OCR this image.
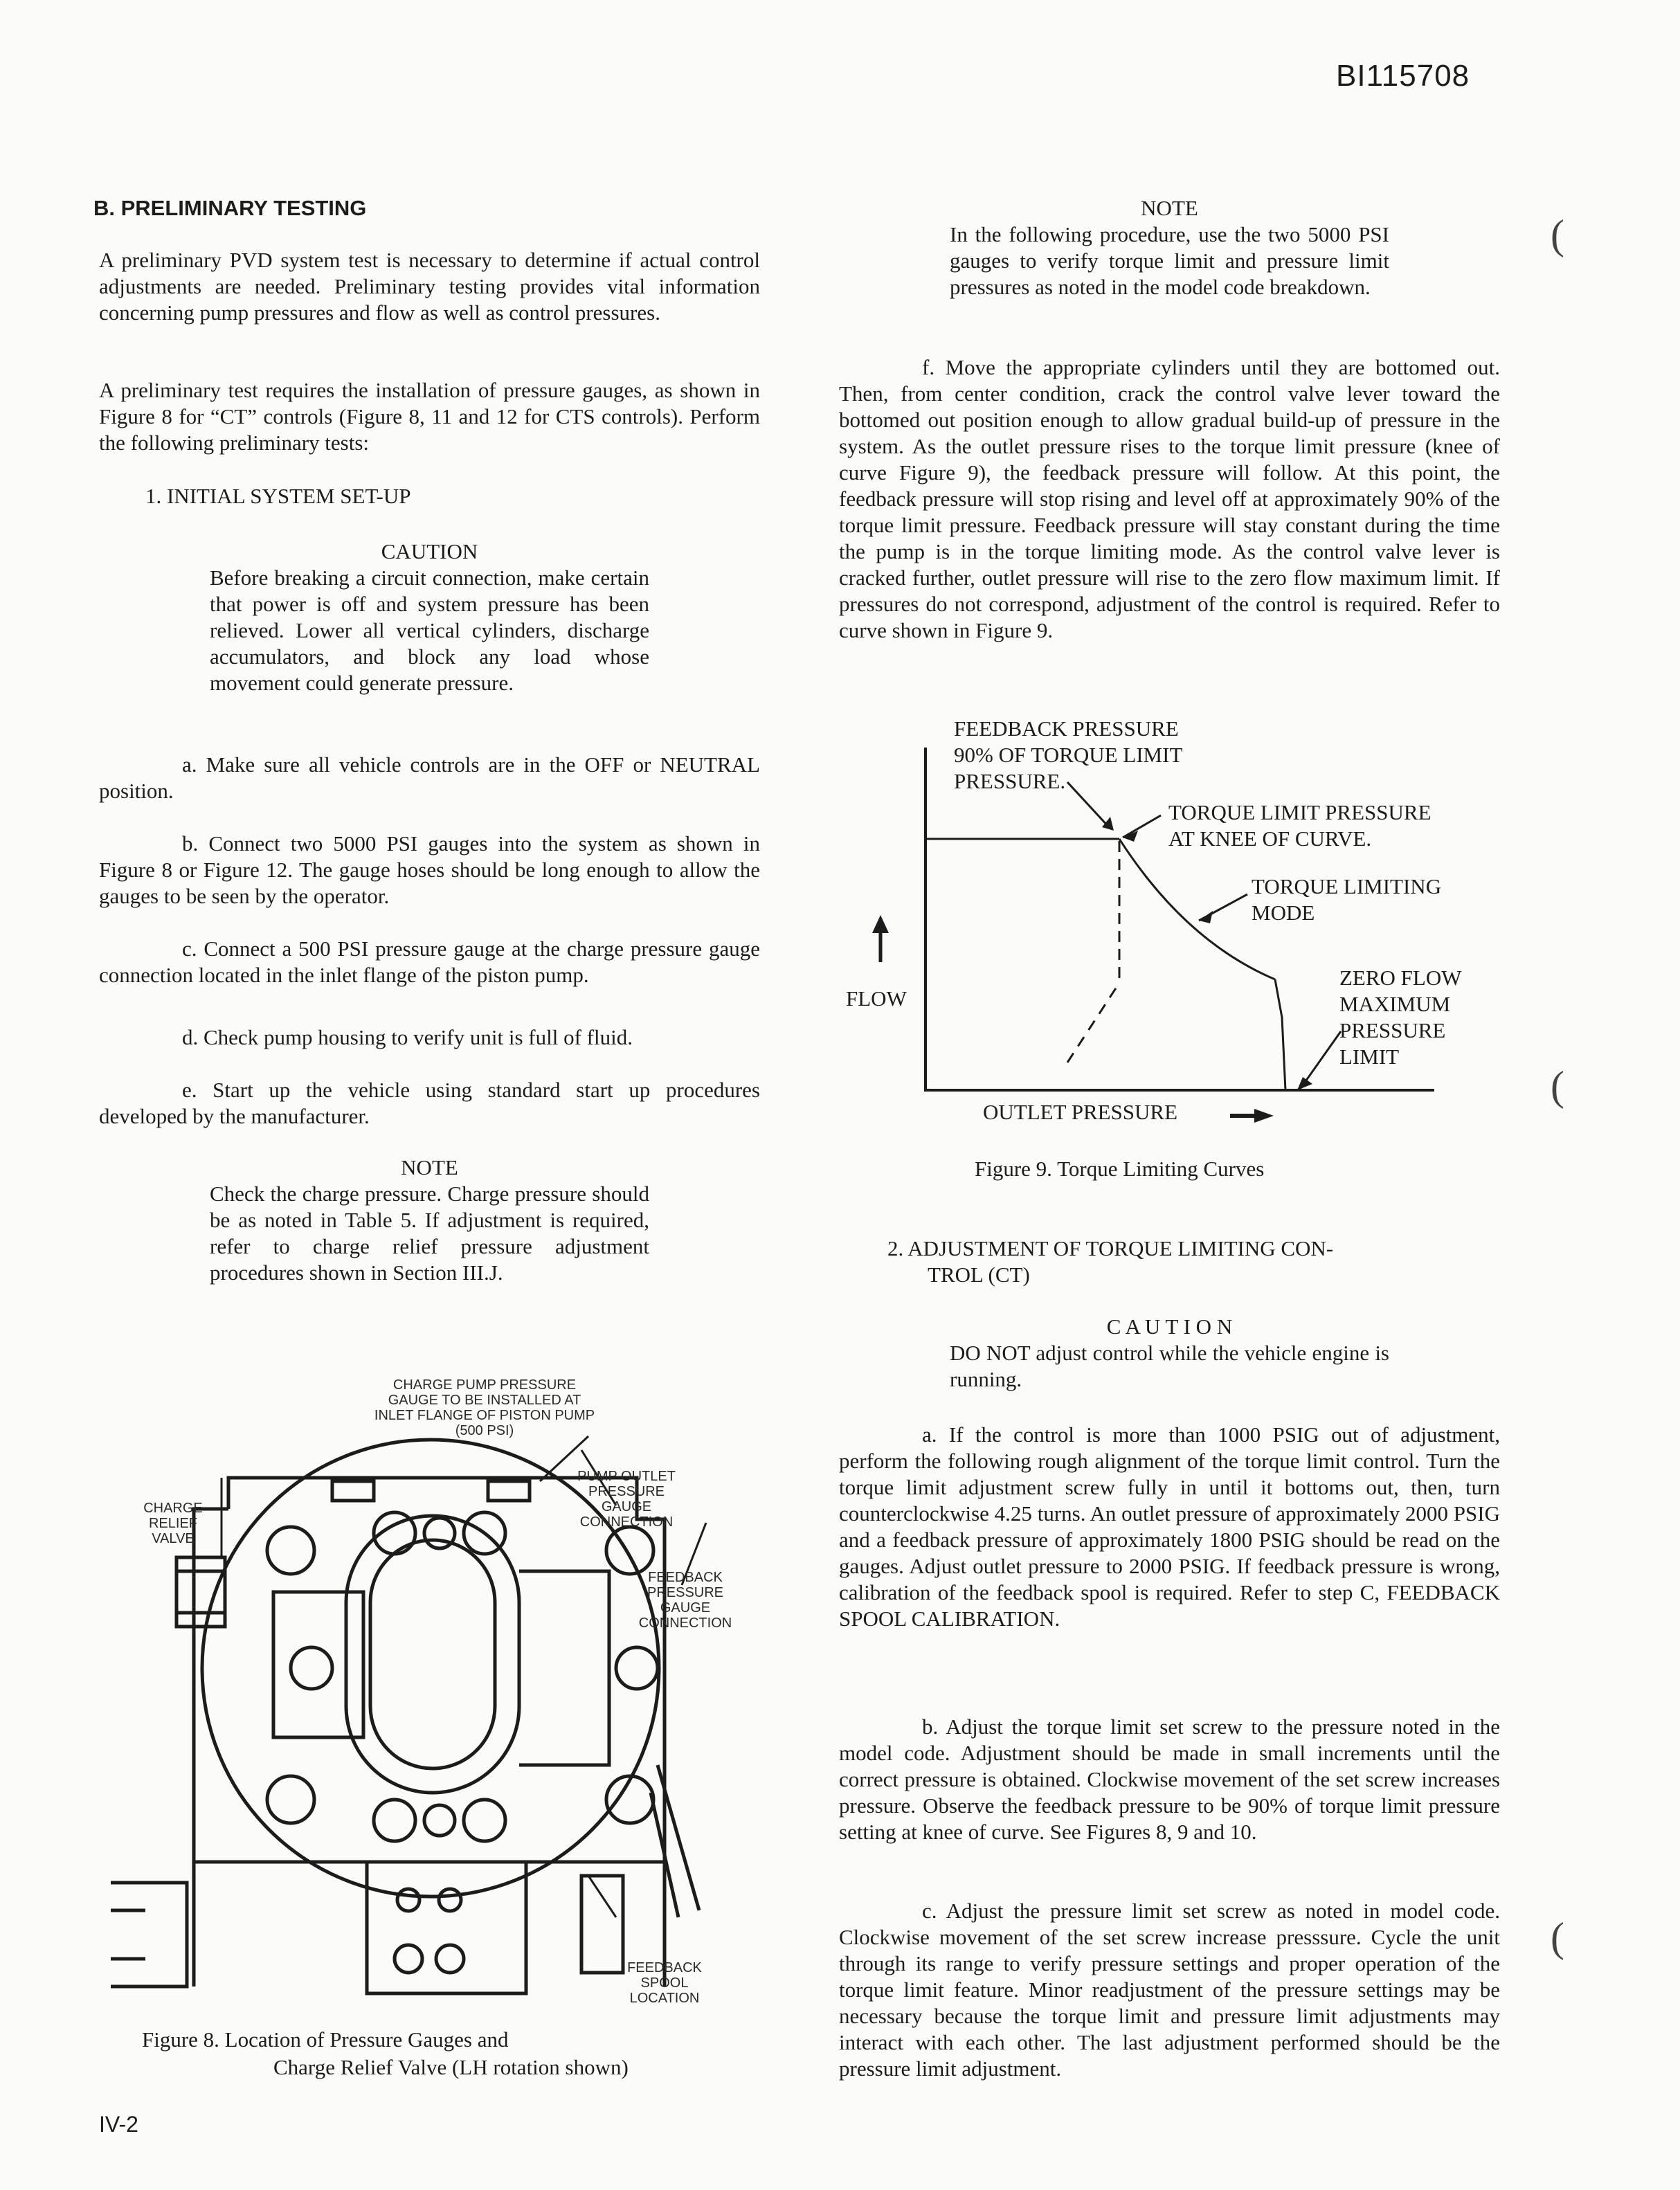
BI115708
B. PRELIMINARY TESTING
A preliminary PVD system test is necessary to determine if actual control adjustments are needed. Preliminary testing provides vital information concerning pump pressures and flow as well as control pressures.
A preliminary test requires the installation of pressure gauges, as shown in Figure 8 for “CT” controls (Figure 8, 11 and 12 for CTS controls). Perform the following preliminary tests:
1. INITIAL SYSTEM SET-UP
CAUTION
Before breaking a circuit connection, make certain that power is off and system pressure has been relieved. Lower all vertical cylinders, discharge accumulators, and block any load whose movement could generate pressure.
a. Make sure all vehicle controls are in the OFF or NEUTRAL position.
b. Connect two 5000 PSI gauges into the system as shown in Figure 8 or Figure 12. The gauge hoses should be long enough to allow the gauges to be seen by the operator.
c. Connect a 500 PSI pressure gauge at the charge pressure gauge connection located in the inlet flange of the piston pump.
d. Check pump housing to verify unit is full of fluid.
e. Start up the vehicle using standard start up procedures developed by the manufacturer.
NOTE
Check the charge pressure. Charge pressure should be as noted in Table 5. If adjustment is required, refer to charge relief pressure adjustment procedures shown in Section III.J.
CHARGE PUMP PRESSURE
GAUGE TO BE INSTALLED AT
INLET FLANGE OF PISTON PUMP
(500 PSI)
PUMP OUTLET
PRESSURE
GAUGE
CONNECTION
CHARGE
RELIEF
VALVE
FEEDBACK
PRESSURE
GAUGE
CONNECTION
FEEDBACK
SPOOL
LOCATION
Figure 8. Location of Pressure Gauges and
Charge Relief Valve (LH rotation shown)
IV-2
NOTE
In the following procedure, use the two 5000 PSI gauges to verify torque limit and pressure limit pressures as noted in the model code breakdown.
f. Move the appropriate cylinders until they are bottomed out. Then, from center condition, crack the control valve lever toward the bottomed out position enough to allow gradual build-up of pressure in the system. As the outlet pressure rises to the torque limit pressure (knee of curve Figure 9), the feedback pressure will follow. At this point, the feedback pressure will stop rising and level off at approximately 90% of the torque limit pressure. Feedback pressure will stay constant during the time the pump is in the torque limiting mode. As the control valve lever is cracked further, outlet pressure will rise to the zero flow maximum limit. If pressures do not correspond, adjustment of the control is required. Refer to curve shown in Figure 9.
FEEDBACK PRESSURE
90% OF TORQUE LIMIT
PRESSURE.
TORQUE LIMIT PRESSURE
AT KNEE OF CURVE.
TORQUE LIMITING
MODE
ZERO FLOW
MAXIMUM
PRESSURE
LIMIT
FLOW
OUTLET PRESSURE
Figure 9. Torque Limiting Curves
2. ADJUSTMENT OF TORQUE LIMITING CON-
TROL (CT)
C A U T I O N
DO NOT adjust control while the vehicle engine is running.
a. If the control is more than 1000 PSIG out of adjustment, perform the following rough alignment of the torque limit control. Turn the torque limit adjustment screw fully in until it bottoms out, then, turn counterclockwise 4.25 turns. An outlet pressure of approximately 2000 PSIG and a feedback pressure of approximately 1800 PSIG should be read on the gauges. Adjust outlet pressure to 2000 PSIG. If feedback pressure is wrong, calibration of the feedback spool is required. Refer to step C, FEEDBACK SPOOL CALIBRATION.
b. Adjust the torque limit set screw to the pressure noted in the model code. Adjustment should be made in small increments until the correct pressure is obtained. Clockwise movement of the set screw increases pressure. Observe the feedback pressure to be 90% of torque limit pressure setting at knee of curve. See Figures 8, 9 and 10.
c. Adjust the pressure limit set screw as noted in model code. Clockwise movement of the set screw increase presssure. Cycle the unit through its range to verify pressure settings and proper operation of the torque limit feature. Minor readjustment of the pressure settings may be necessary because the torque limit and pressure limit adjustments may interact with each other. The last adjustment performed should be the pressure limit adjustment.
(
(
(
